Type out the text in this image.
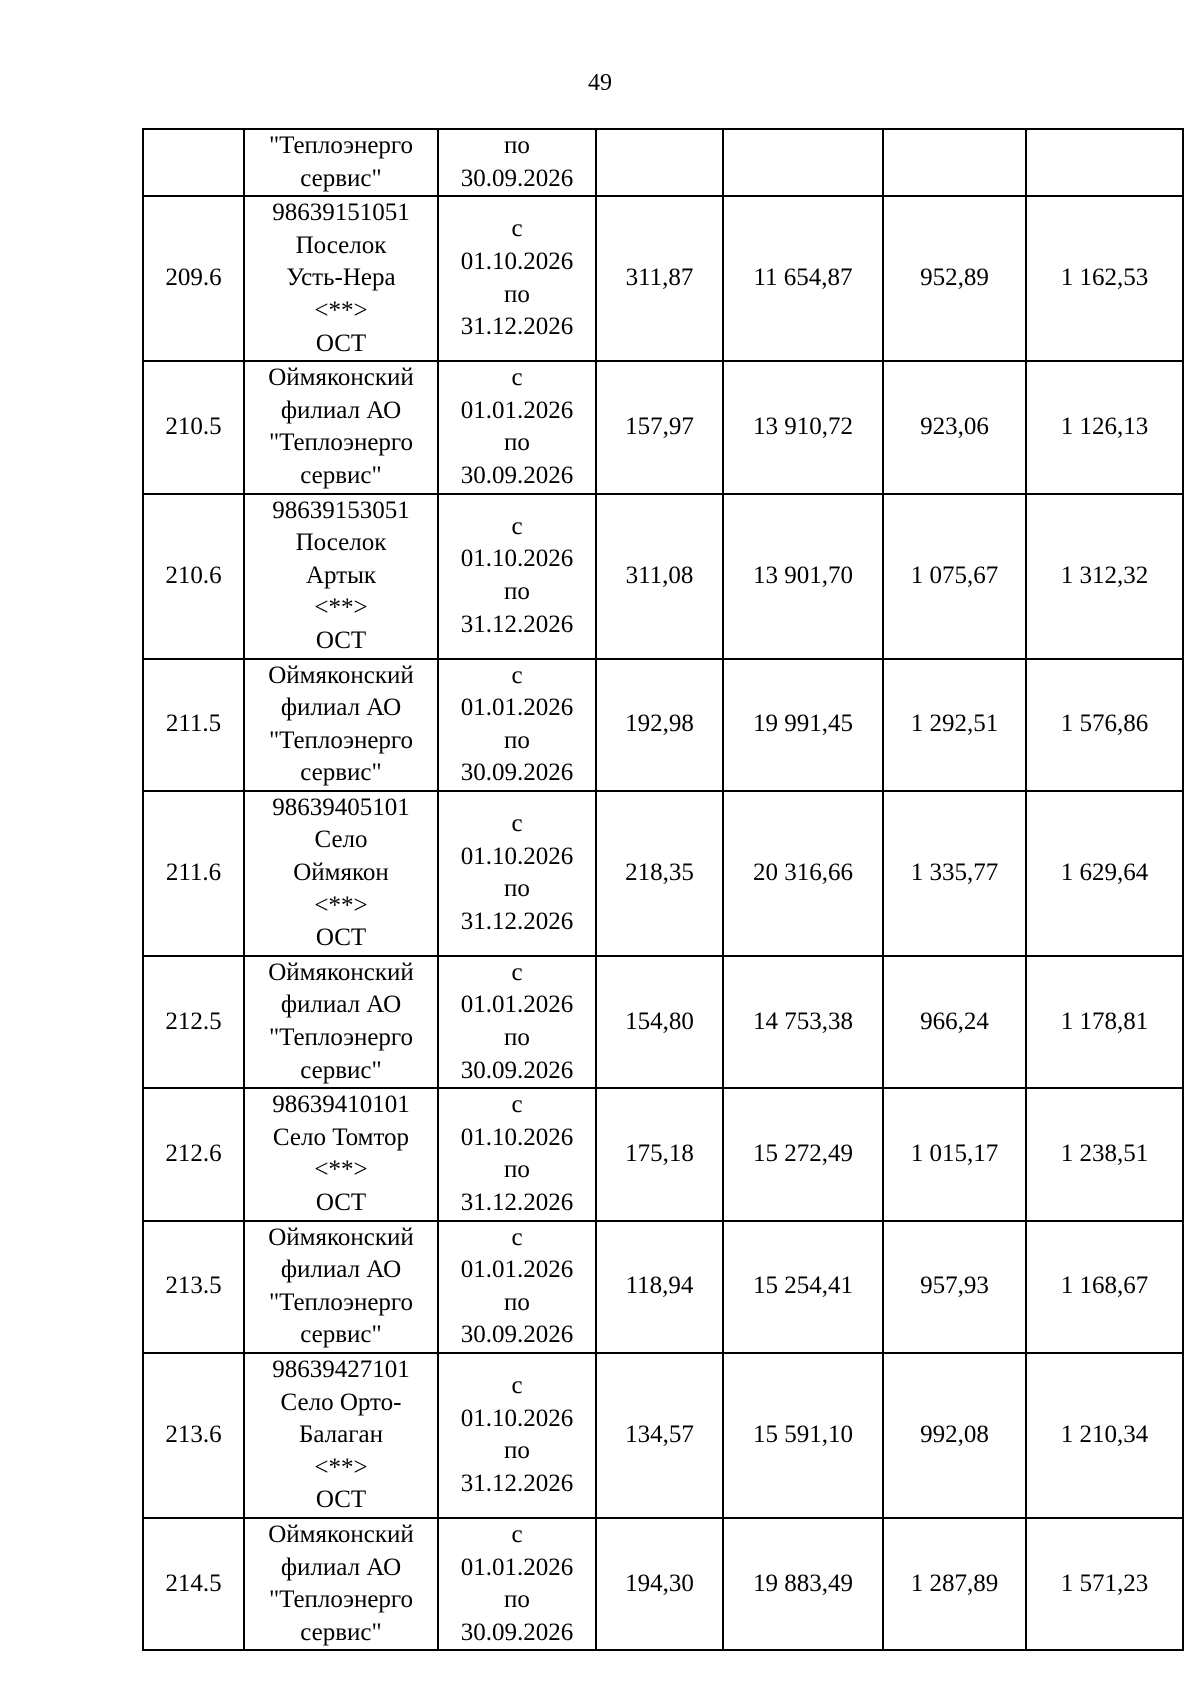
49

	"Теплоэнерго
сервис"	по
30.09.2026				

209.6	98639151051
Поселок
Усть-Нера
<**>
ОСТ	с
01.10.2026
по
31.12.2026	311,87	11 654,87	952,89	1 162,53
210.5	Оймяконский
филиал АО
"Теплоэнерго
сервис"	с
01.01.2026
по
30.09.2026	157,97	13 910,72	923,06	1 126,13
210.6	98639153051
Поселок
Артык
<**>
ОСТ	с
01.10.2026
по
31.12.2026	311,08	13 901,70	1 075,67	1 312,32
211.5	Оймяконский
филиал АО
"Теплоэнерго
сервис"	с
01.01.2026
по
30.09.2026	192,98	19 991,45	1 292,51	1 576,86
211.6	98639405101
Село
Оймякон
<**>
ОСТ	с
01.10.2026
по
31.12.2026	218,35	20 316,66	1 335,77	1 629,64
212.5	Оймяконский
филиал АО
"Теплоэнерго
сервис"	с
01.01.2026
по
30.09.2026	154,80	14 753,38	966,24	1 178,81
212.6	98639410101
Село Томтор
<**>
ОСТ	с
01.10.2026
по
31.12.2026	175,18	15 272,49	1 015,17	1 238,51
213.5	Оймяконский
филиал АО
"Теплоэнерго
сервис"	с
01.01.2026
по
30.09.2026	118,94	15 254,41	957,93	1 168,67
213.6	98639427101
Село Орто-
Балаган
<**>
ОСТ	с
01.10.2026
по
31.12.2026	134,57	15 591,10	992,08	1 210,34
214.5	Оймяконский
филиал АО
"Теплоэнерго
сервис"	с
01.01.2026
по
30.09.2026	194,30	19 883,49	1 287,89	1 571,23
